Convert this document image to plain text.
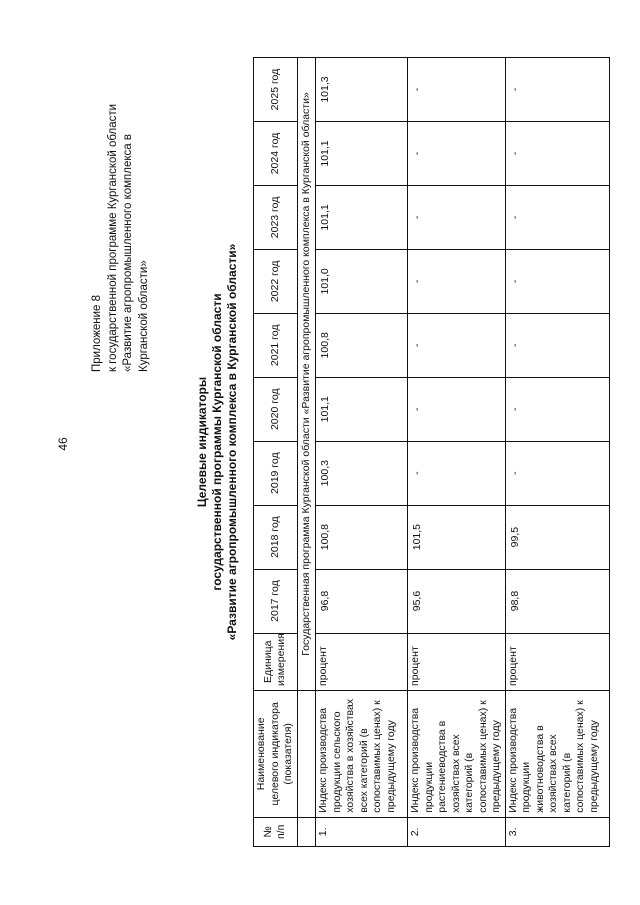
46
Приложение 8 к государственной программе Курганской области «Развитие агропромышленного комплекса в Курганской области»
Целевые индикаторы государственной программы Курганской области «Развитие агропромышленного комплекса в Курганской области»
№ п/п	Наименование целевого индикатора (показателя)	Единица измерения	2017 год	2018 год	2019 год	2020 год	2021 год	2022 год	2023 год	2024 год	2025 год
		Государственная программа Курганской области «Развитие агропромышленного комплекса в Курганской области»									
1.	Индекс производства продукции сельского хозяйства в хозяйствах всех категорий (в сопоставимых ценах) к предыдущему году	процент	96,8	100,8	100,3	101,1	100,8	101,0	101,1	101,1	101,3
2.	Индекс производства продукции растениеводства в хозяйствах всех категорий (в сопоставимых ценах) к предыдущему году	процент	95,6	101,5	-	-	-	-	-	-	-
3.	Индекс производства продукции животноводства в хозяйствах всех категорий (в сопоставимых ценах) к предыдущему году	процент	98,8	99,5	-	-	-	-	-	-	-
